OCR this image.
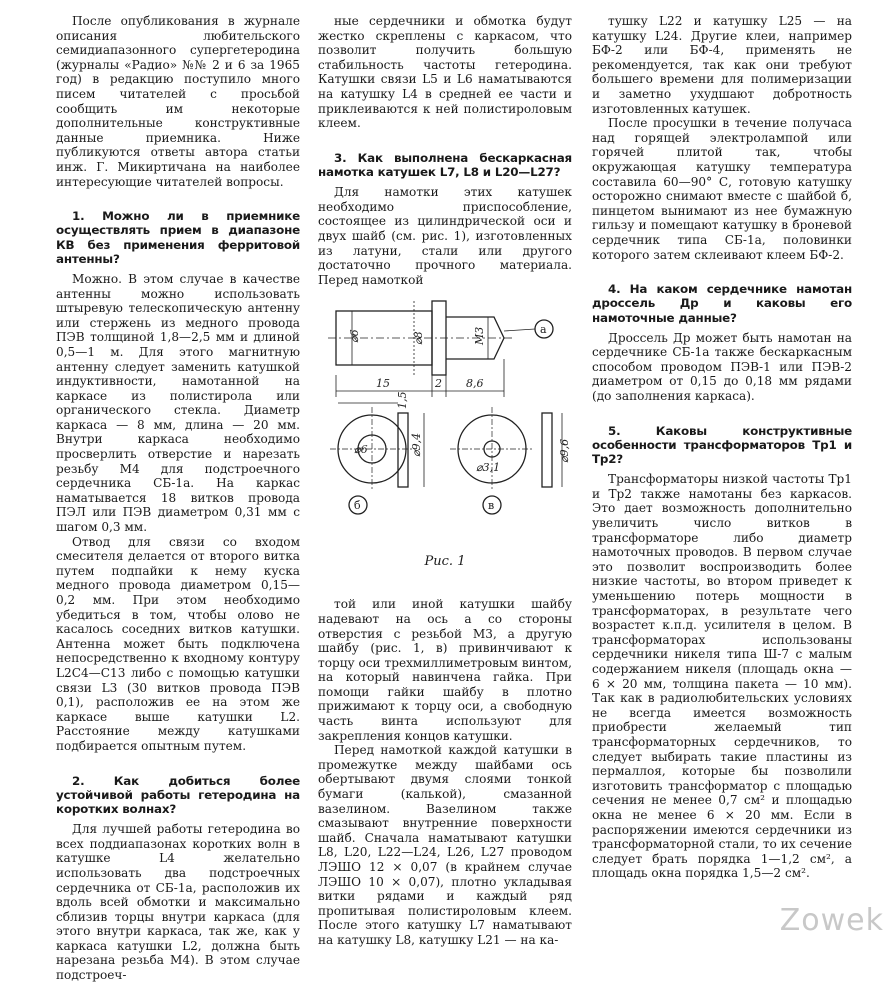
После опубликования в журнале описания любительского семидиапазонного супергетеродина (журналы «Радио» №№ 2 и 6 за 1965 год) в редакцию поступило много писем читателей с просьбой сообщить им некоторые дополнительные конструктивные данные приемника. Ниже публикуются ответы автора статьи инж. Г. Микиртичана на наиболее интересующие читателей вопросы.

1. Можно ли в приемнике осуществлять прием в диапазоне КВ без применения ферритовой антенны?

Можно. В этом случае в качестве антенны можно использовать штыревую телескопическую антенну или стержень из медного провода ПЭВ толщиной 1,8—2,5 мм и длиной 0,5—1 м. Для этого магнитную антенну следует заменить катушкой индуктивности, намотанной на каркасе из полистирола или органического стекла. Диаметр каркаса — 8 мм, длина — 20 мм. Внутри каркаса необходимо просверлить отверстие и нарезать резьбу М4 для подстроечного сердечника СБ-1а. На каркас наматывается 18 витков провода ПЭЛ или ПЭВ диаметром 0,31 мм с шагом 0,3 мм.

Отвод для связи со входом смесителя делается от второго витка путем подпайки к нему куска медного провода диаметром 0,15—0,2 мм. При этом необходимо убедиться в том, чтобы олово не касалось соседних витков катушки. Антенна может быть подключена непосредственно к входному контуру L2C4—C13 либо с помощью катушки связи L3 (30 витков провода ПЭВ 0,1), расположив ее на этом же каркасе выше катушки L2. Расстояние между катушками подбирается опытным путем.

2. Как добиться более устойчивой работы гетеродина на коротких волнах?

Для лучшей работы гетеродина во всех поддиапазонах коротких волн в катушке L4 желательно использовать два подстроечных сердечника от СБ-1а, расположив их вдоль всей обмотки и максимально сблизив торцы внутри каркаса (для этого внутри каркаса, так же, как у каркаса катушки L2, должна быть нарезана резьба М4). В этом случае подстроеч-

ные сердечники и обмотка будут жестко скреплены с каркасом, что позволит получить большую стабильность частоты гетеродина. Катушки связи L5 и L6 наматываются на катушку L4 в средней ее части и приклеиваются к ней полистироловым клеем.

3. Как выполнена бескаркасная намотка катушек L7, L8 и L20—L27?

Для намотки этих катушек необходимо приспособление, состоящее из цилиндрической оси и двух шайб (см. рис. 1), изготовленных из латуни, стали или другого достаточно прочного материала. Перед намоткой

⌀6	⌀8	М3
15	2 8,6
а
1,5
⌀6	⌀9,4
⌀3,1
⌀9,6
б	в
Рис. 1

той или иной катушки шайбу надевают на ось а со стороны отверстия с резьбой М3, а другую шайбу (рис. 1, в) привинчивают к торцу оси трехмиллиметровым винтом, на который навинчена гайка. При помощи гайки шайбу в плотно прижимают к торцу оси, а свободную часть винта используют для закрепления концов катушки.

Перед намоткой каждой катушки в промежутке между шайбами ось обертывают двумя слоями тонкой бумаги (калькой), смазанной вазелином. Вазелином также смазывают внутренние поверхности шайб. Сначала наматывают катушки L8, L20, L22—L24, L26, L27 проводом ЛЭШО 12 × 0,07 (в крайнем случае ЛЭШО 10 × 0,07), плотно укладывая витки рядами и каждый ряд пропитывая полистироловым клеем. После этого катушку L7 наматывают на катушку L8, катушку L21 — на ка-

тушку L22 и катушку L25 — на катушку L24. Другие клеи, например БФ-2 или БФ-4, применять не рекомендуется, так как они требуют большего времени для полимеризации и заметно ухудшают добротность изготовленных катушек.

После просушки в течение получаса над горящей электролампой или горячей плитой так, чтобы окружающая катушку температура составила 60—90° С, готовую катушку осторожно снимают вместе с шайбой б, пинцетом вынимают из нее бумажную гильзу и помещают катушку в броневой сердечник типа СБ-1а, половинки которого затем склеивают клеем БФ-2.

4. На каком сердечнике намотан дроссель Др и каковы его намоточные данные?

Дроссель Др может быть намотан на сердечнике СБ-1а также бескаркасным способом проводом ПЭВ-1 или ПЭВ-2 диаметром от 0,15 до 0,18 мм рядами (до заполнения каркаса).

5. Каковы конструктивные особенности трансформаторов Тр1 и Тр2?

Трансформаторы низкой частоты Тр1 и Тр2 также намотаны без каркасов. Это дает возможность дополнительно увеличить число витков в трансформаторе либо диаметр намоточных проводов. В первом случае это позволит воспроизводить более низкие частоты, во втором приведет к уменьшению потерь мощности в трансформаторах, в результате чего возрастет к.п.д. усилителя в целом. В трансформаторах использованы сердечники никеля типа Ш-7 с малым содержанием никеля (площадь окна — 6 × 20 мм, толщина пакета — 10 мм). Так как в радиолюбительских условиях не всегда имеется возможность приобрести желаемый тип трансформаторных сердечников, то следует выбирать такие пластины из пермаллоя, которые бы позволили изготовить трансформатор с площадью сечения не менее 0,7 см² и площадью окна не менее 6 × 20 мм. Если в распоряжении имеются сердечники из трансформаторной стали, то их сечение следует брать порядка 1—1,2 см², а площадь окна порядка 1,5—2 см².

Zowek
